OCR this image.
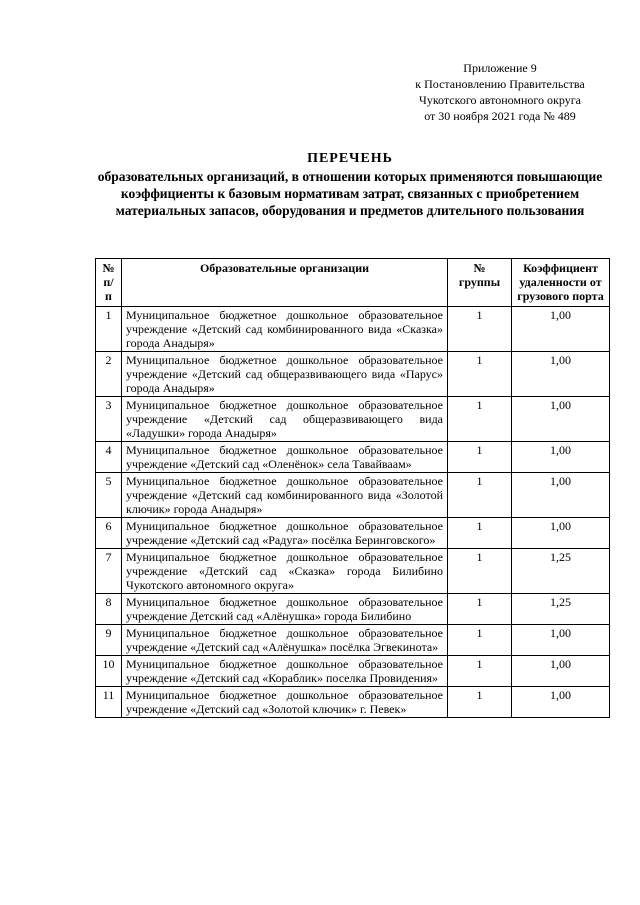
Приложение 9
к Постановлению Правительства
Чукотского автономного округа
от 30 ноября 2021 года № 489
ПЕРЕЧЕНЬ
образовательных организаций, в отношении которых применяются повышающие коэффициенты к базовым нормативам затрат, связанных с приобретением материальных запасов, оборудования и предметов длительного пользования
№ п/п	Образовательные организации	№ группы	Коэффициент удаленности от грузового порта
1	Муниципальное бюджетное дошкольное образовательное учреждение «Детский сад комбинированного вида «Сказка» города Анадыря»	1	1,00
2	Муниципальное бюджетное дошкольное образовательное учреждение «Детский сад общеразвивающего вида «Парус» города Анадыря»	1	1,00
3	Муниципальное бюджетное дошкольное образовательное учреждение «Детский сад общеразвивающего вида «Ладушки» города Анадыря»	1	1,00
4	Муниципальное бюджетное дошкольное образовательное учреждение «Детский сад «Оленёнок» села Тавайваам»	1	1,00
5	Муниципальное бюджетное дошкольное образовательное учреждение «Детский сад комбинированного вида «Золотой ключик» города Анадыря»	1	1,00
6	Муниципальное бюджетное дошкольное образовательное учреждение «Детский сад «Радуга» посёлка Беринговского»	1	1,00
7	Муниципальное бюджетное дошкольное образовательное учреждение «Детский сад «Сказка» города Билибино Чукотского автономного округа»	1	1,25
8	Муниципальное бюджетное дошкольное образовательное учреждение Детский сад «Алёнушка» города Билибино	1	1,25
9	Муниципальное бюджетное дошкольное образовательное учреждение «Детский сад «Алёнушка» посёлка Эгвекинота»	1	1,00
10	Муниципальное бюджетное дошкольное образовательное учреждение «Детский сад «Кораблик» поселка Провидения»	1	1,00
11	Муниципальное бюджетное дошкольное образовательное учреждение «Детский сад «Золотой ключик» г. Певек»	1	1,00
